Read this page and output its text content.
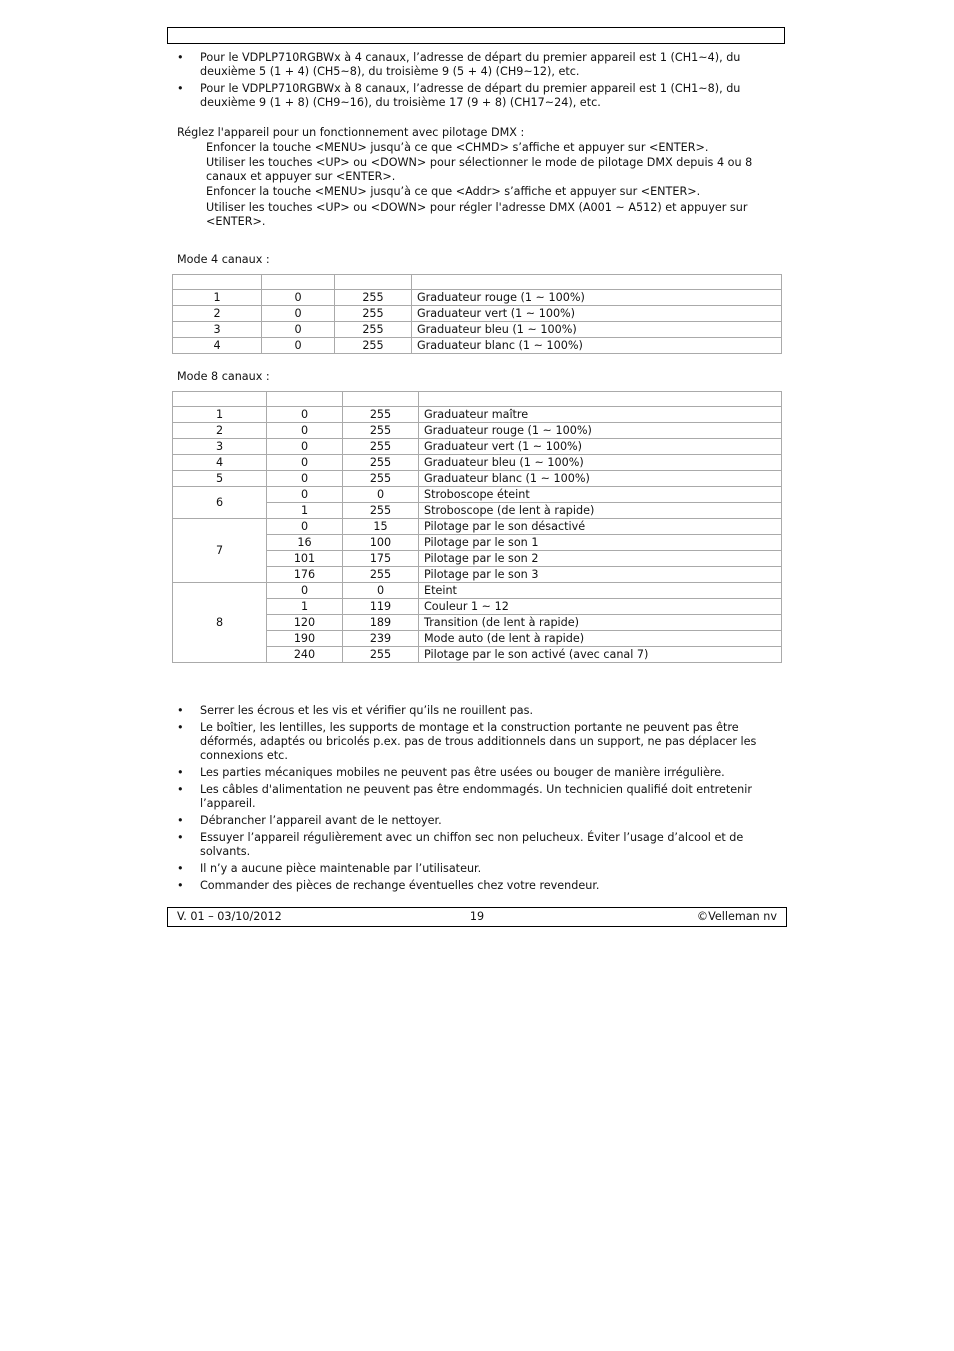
• Pour le VDPLP710RGBWx à 4 canaux, l’adresse de départ du premier appareil est 1 (CH1~4), du deuxième 5 (1 + 4) (CH5~8), du troisième 9 (5 + 4) (CH9~12), etc.
• Pour le VDPLP710RGBWx à 8 canaux, l’adresse de départ du premier appareil est 1 (CH1~8), du deuxième 9 (1 + 8) (CH9~16), du troisième 17 (9 + 8) (CH17~24), etc.

Réglez l'appareil pour un fonctionnement avec pilotage DMX :

Enfoncer la touche <MENU> jusqu’à ce que <CHMD> s’affiche et appuyer sur <ENTER>.

Utiliser les touches <UP> ou <DOWN> pour sélectionner le mode de pilotage DMX depuis 4 ou 8 canaux et appuyer sur <ENTER>.

Enfoncer la touche <MENU> jusqu’à ce que <Addr> s’affiche et appuyer sur <ENTER>.

Utiliser les touches <UP> ou <DOWN> pour régler l'adresse DMX (A001 ~ A512) et appuyer sur <ENTER>.

Mode 4 canaux :

1	0	255	Graduateur rouge (1 ~ 100%)
2	0	255	Graduateur vert (1 ~ 100%)
3	0	255	Graduateur bleu (1 ~ 100%)
4	0	255	Graduateur blanc (1 ~ 100%)

Mode 8 canaux :

1	0	255	Graduateur maître
2	0	255	Graduateur rouge (1 ~ 100%)
3	0	255	Graduateur vert (1 ~ 100%)
4	0	255	Graduateur bleu (1 ~ 100%)
5	0	255	Graduateur blanc (1 ~ 100%)
6	0	0	Stroboscope éteint
	1	255	Stroboscope (de lent à rapide)
7	0	15	Pilotage par le son désactivé
	16	100	Pilotage par le son 1
	101	175	Pilotage par le son 2
	176	255	Pilotage par le son 3
8	0	0	Eteint
	1	119	Couleur 1 ~ 12
	120	189	Transition (de lent à rapide)
	190	239	Mode auto (de lent à rapide)
	240	255	Pilotage par le son activé (avec canal 7)
• Serrer les écrous et les vis et vérifier qu’ils ne rouillent pas.
• Le boîtier, les lentilles, les supports de montage et la construction portante ne peuvent pas être déformés, adaptés ou bricolés p.ex. pas de trous additionnels dans un support, ne pas déplacer les connexions etc.
• Les parties mécaniques mobiles ne peuvent pas être usées ou bouger de manière irrégulière.
• Les câbles d'alimentation ne peuvent pas être endommagés. Un technicien qualifié doit entretenir l’appareil.
• Débrancher l’appareil avant de le nettoyer.
• Essuyer l’appareil régulièrement avec un chiffon sec non pelucheux. Éviter l’usage d’alcool et de solvants.
• Il n’y a aucune pièce maintenable par l’utilisateur.
• Commander des pièces de rechange éventuelles chez votre revendeur.
V. 01 – 03/10/2012	19	©Velleman nv
